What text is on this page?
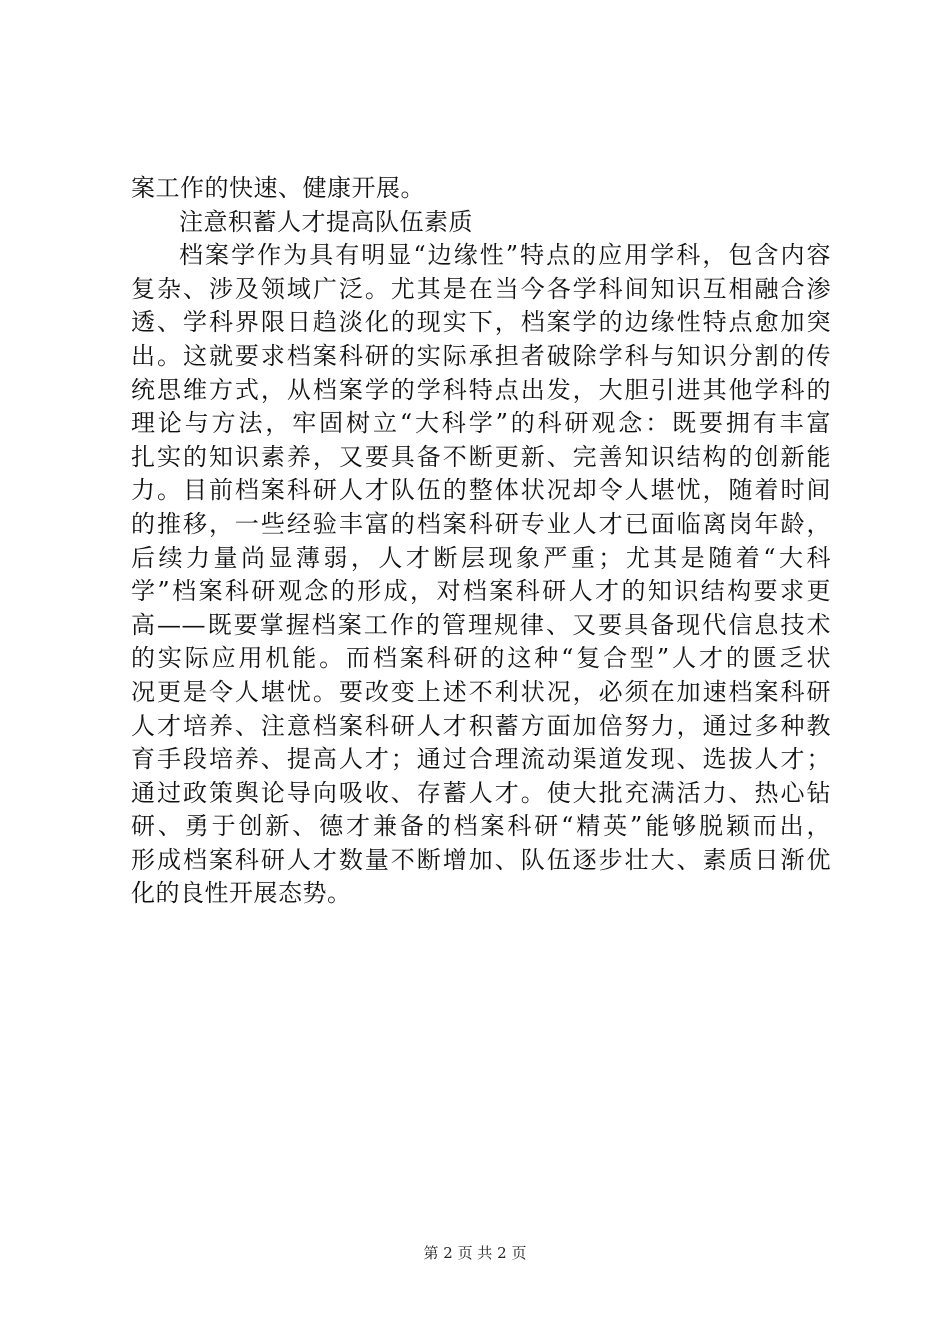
案工作的快速、健康开展。
注意积蓄人才提高队伍素质
档案学作为具有明显“边缘性”特点的应用学科，包含内容
复杂、涉及领域广泛。尤其是在当今各学科间知识互相融合渗
透、学科界限日趋淡化的现实下，档案学的边缘性特点愈加突
出。这就要求档案科研的实际承担者破除学科与知识分割的传
统思维方式，从档案学的学科特点出发，大胆引进其他学科的
理论与方法，牢固树立“大科学”的科研观念：既要拥有丰富
扎实的知识素养，又要具备不断更新、完善知识结构的创新能
力。目前档案科研人才队伍的整体状况却令人堪忧，随着时间
的推移，一些经验丰富的档案科研专业人才已面临离岗年龄，
后续力量尚显薄弱，人才断层现象严重；尤其是随着“大科
学”档案科研观念的形成，对档案科研人才的知识结构要求更
高——既要掌握档案工作的管理规律、又要具备现代信息技术
的实际应用机能。而档案科研的这种“复合型”人才的匮乏状
况更是令人堪忧。要改变上述不利状况，必须在加速档案科研
人才培养、注意档案科研人才积蓄方面加倍努力，通过多种教
育手段培养、提高人才；通过合理流动渠道发现、选拔人才；
通过政策舆论导向吸收、存蓄人才。使大批充满活力、热心钻
研、勇于创新、德才兼备的档案科研“精英”能够脱颖而出，
形成档案科研人才数量不断增加、队伍逐步壮大、素质日渐优
化的良性开展态势。
第 2 页 共 2 页
